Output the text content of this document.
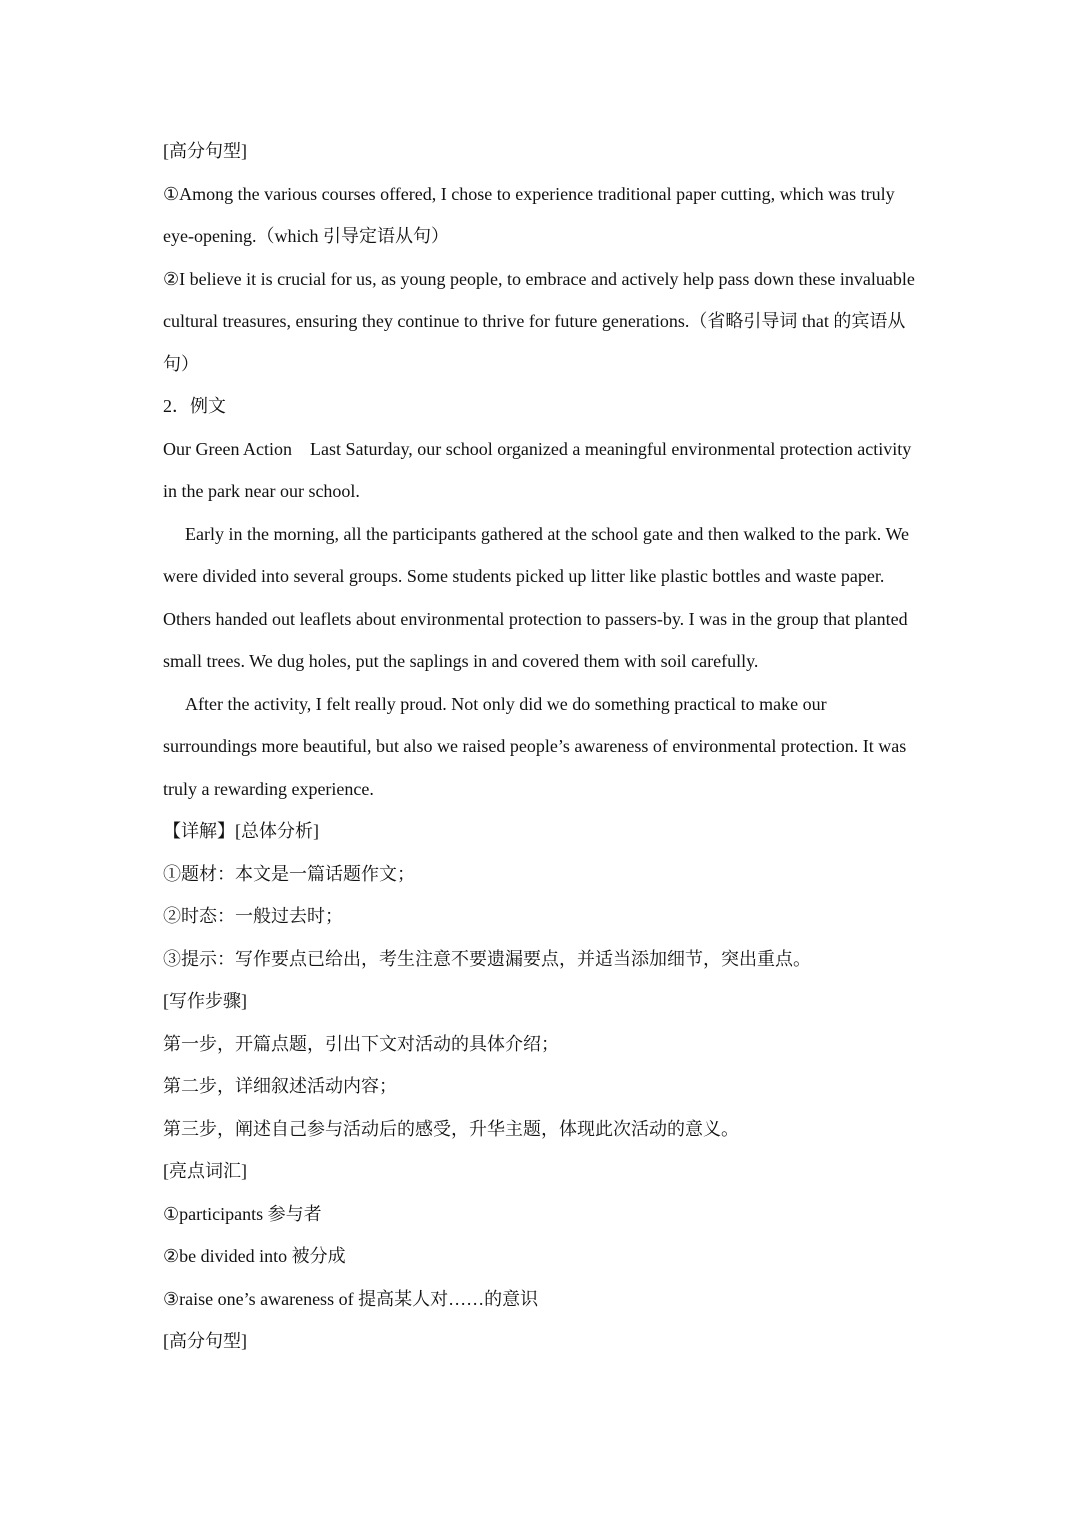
[高分句型]

①Among the various courses offered, I chose to experience traditional paper cutting, which was truly eye-opening.（which 引导定语从句）

②I believe it is crucial for us, as young people, to embrace and actively help pass down these invaluable cultural treasures, ensuring they continue to thrive for future generations.（省略引导词 that 的宾语从句）

2．例文

Our Green Action Last Saturday, our school organized a meaningful environmental protection activity in the park near our school.

Early in the morning, all the participants gathered at the school gate and then walked to the park. We were divided into several groups. Some students picked up litter like plastic bottles and waste paper. Others handed out leaflets about environmental protection to passers-by. I was in the group that planted small trees. We dug holes, put the saplings in and covered them with soil carefully.

After the activity, I felt really proud. Not only did we do something practical to make our surroundings more beautiful, but also we raised people’s awareness of environmental protection. It was truly a rewarding experience.

【详解】[总体分析]

①题材：本文是一篇话题作文；

②时态：一般过去时；

③提示：写作要点已给出，考生注意不要遗漏要点，并适当添加细节，突出重点。

[写作步骤]

第一步，开篇点题，引出下文对活动的具体介绍；

第二步，详细叙述活动内容；

第三步，阐述自己参与活动后的感受，升华主题，体现此次活动的意义。

[亮点词汇]

①participants 参与者

②be divided into 被分成

③raise one’s awareness of 提高某人对……的意识

[高分句型]
